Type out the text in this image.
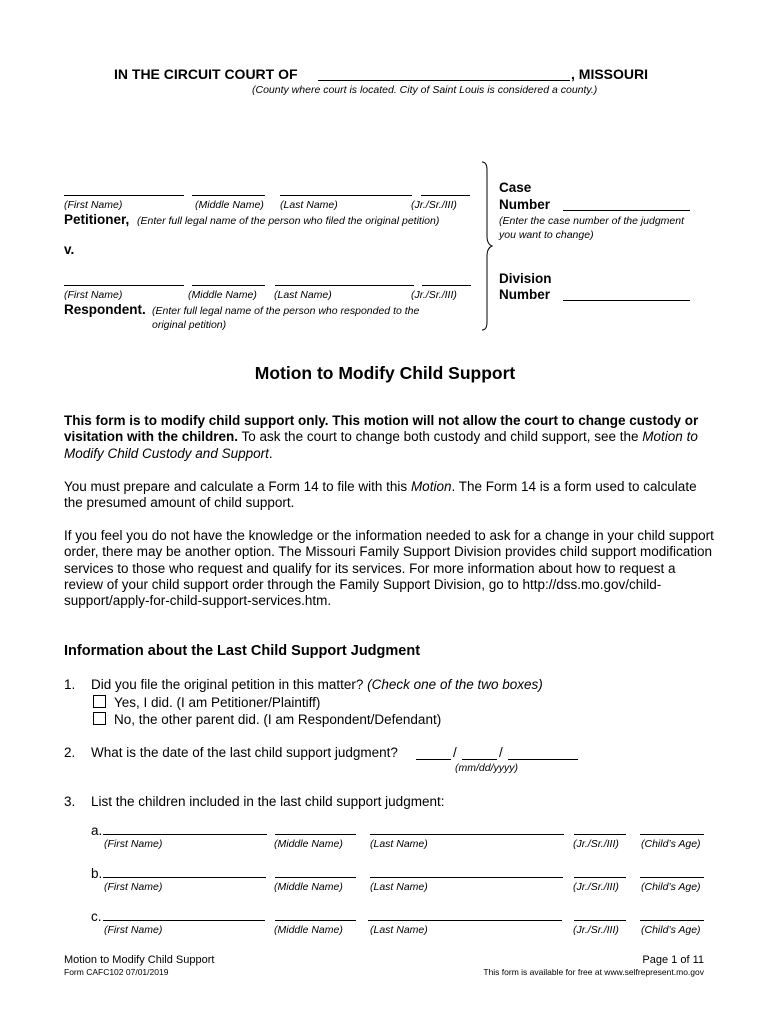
IN THE CIRCUIT COURT OF	, MISSOURI
(County where court is located. City of Saint Louis is considered a county.)
(First Name)	(Middle Name) (Last Name)	(Jr./Sr./III)
Petitioner, (Enter full legal name of the person who filed the original petition)
v.
(First Name)	(Middle Name) (Last Name)	(Jr./Sr./III)
Respondent. (Enter full legal name of the person who responded to the
original petition)
Case
Number
(Enter the case number of the judgment
you want to change)
Division
Number
Motion to Modify Child Support
This form is to modify child support only. This motion will not allow the court to change custody or visitation with the children. To ask the court to change both custody and child support, see the Motion to Modify Child Custody and Support.
You must prepare and calculate a Form 14 to file with this Motion. The Form 14 is a form used to calculate the presumed amount of child support.
If you feel you do not have the knowledge or the information needed to ask for a change in your child support order, there may be another option. The Missouri Family Support Division provides child support modification services to those who request and qualify for its services. For more information about how to request a review of your child support order through the Family Support Division, go to http://dss.mo.gov/child-support/apply-for-child-support-services.htm.
Information about the Last Child Support Judgment
1. Did you file the original petition in this matter? (Check one of the two boxes)
Yes, I did. (I am Petitioner/Plaintiff)
No, the other parent did. (I am Respondent/Defendant)
2. What is the date of the last child support judgment?	/	/
(mm/dd/yyyy)
3. List the children included in the last child support judgment:
a.
(First Name)	(Middle Name)	(Last Name)	(Jr./Sr./III) (Child’s Age)
b.
(First Name)	(Middle Name)	(Last Name)	(Jr./Sr./III) (Child’s Age)
c.
(First Name)	(Middle Name)	(Last Name)	(Jr./Sr./III) (Child’s Age)
Motion to Modify Child Support
Form CAFC102 07/01/2019
Page 1 of 11
This form is available for free at www.selfrepresent.mo.gov
